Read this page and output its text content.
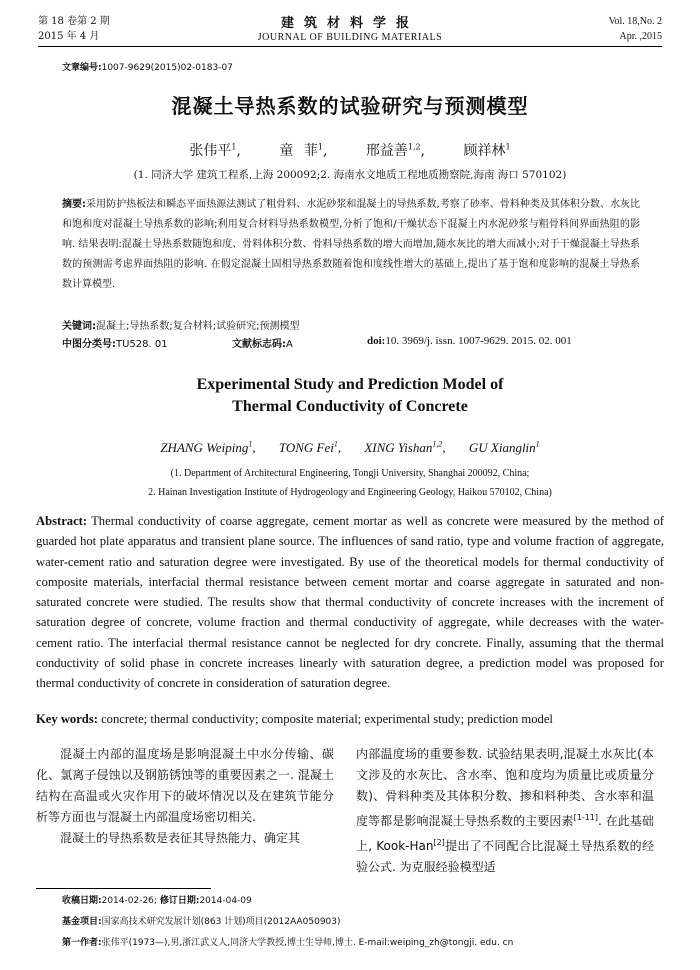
第 18 卷第 2 期
2015 年 4 月
建筑材料学报
JOURNAL OF BUILDING MATERIALS
Vol. 18,No. 2
Apr. ,2015
文章编号:1007-9629(2015)02-0183-07
混凝土导热系数的试验研究与预测模型
张伟平$^1$,	童 菲$^1$,	邢益善$^{1,2}$,	顾祥林$^1$
(1. 同济大学 建筑工程系,上海 200092;2. 海南水文地质工程地质勘察院,海南 海口 570102)
摘要:采用防护热板法和瞬态平面热源法测试了粗骨料、水泥砂浆和混凝土的导热系数,考察了砂率、骨料种类及其体积分数、水灰比和饱和度对混凝土导热系数的影响;利用复合材料导热系数模型,分析了饱和/干燥状态下混凝土内水泥砂浆与粗骨料间界面热阻的影响. 结果表明:混凝土导热系数随饱和度、骨料体积分数、骨料导热系数的增大而增加,随水灰比的增大而减小;对于干燥混凝土导热系数的预测需考虑界面热阻的影响. 在假定混凝土固相导热系数随着饱和度线性增大的基础上,提出了基于饱和度影响的混凝土导热系数计算模型.
关键词:混凝土;导热系数;复合材料;试验研究;预测模型
中图分类号:TU528. 01	文献标志码:A	doi:10. 3969/j. issn. 1007-9629. 2015. 02. 001
Experimental Study and Prediction Model of
Thermal Conductivity of Concrete
ZHANG Weiping$^1$, TONG Fei$^1$, XING Yishan$^{1,2}$, GU Xianglin$^1$
(1. Department of Architectural Engineering, Tongji University, Shanghai 200092, China;
2. Hainan Investigation Institute of Hydrogeology and Engineering Geology, Haikou 570102, China)
Abstract: Thermal conductivity of coarse aggregate, cement mortar as well as concrete were measured by the method of guarded hot plate apparatus and transient plane source. The influences of sand ratio, type and volume fraction of aggregate, water-cement ratio and saturation degree were investigated. By use of the theoretical models for thermal conductivity of composite materials, interfacial thermal resistance between cement mortar and coarse aggregate in saturated and non-saturated concrete were studied. The results show that thermal conductivity of concrete increases with the increment of saturation degree of concrete, volume fraction and thermal conductivity of aggregate, while decreases with the water-cement ratio. The interfacial thermal resistance cannot be neglected for dry concrete. Finally, assuming that the thermal conductivity of solid phase in concrete increases linearly with saturation degree, a prediction model was proposed for thermal conductivity of concrete in consideration of saturation degree.
Key words: concrete; thermal conductivity; composite material; experimental study; prediction model

混凝土内部的温度场是影响混凝土中水分传输、碳化、氯离子侵蚀以及钢筋锈蚀等的重要因素之一. 混凝土结构在高温或火灾作用下的破坏情况以及在建筑节能分析等方面也与混凝土内部温度场密切相关.

混凝土的导热系数是表征其导热能力、确定其

内部温度场的重要参数. 试验结果表明,混凝土水灰比(本文涉及的水灰比、含水率、饱和度均为质量比或质量分数)、骨料种类及其体积分数、掺和料种类、含水率和温度等都是影响混凝土导热系数的主要因素[1-11]. 在此基础上, Kook-Han[2]提出了不同配合比混凝土导热系数的经验公式. 为克服经验模型适

收稿日期:2014-02-26; 修订日期:2014-04-09
基金项目:国家高技术研究发展计划(863 计划)项目(2012AA050903)
第一作者:张伟平(1973—),男,浙江武义人,同济大学教授,博士生导师,博士. E-mail:weiping_zh@tongji. edu. cn
